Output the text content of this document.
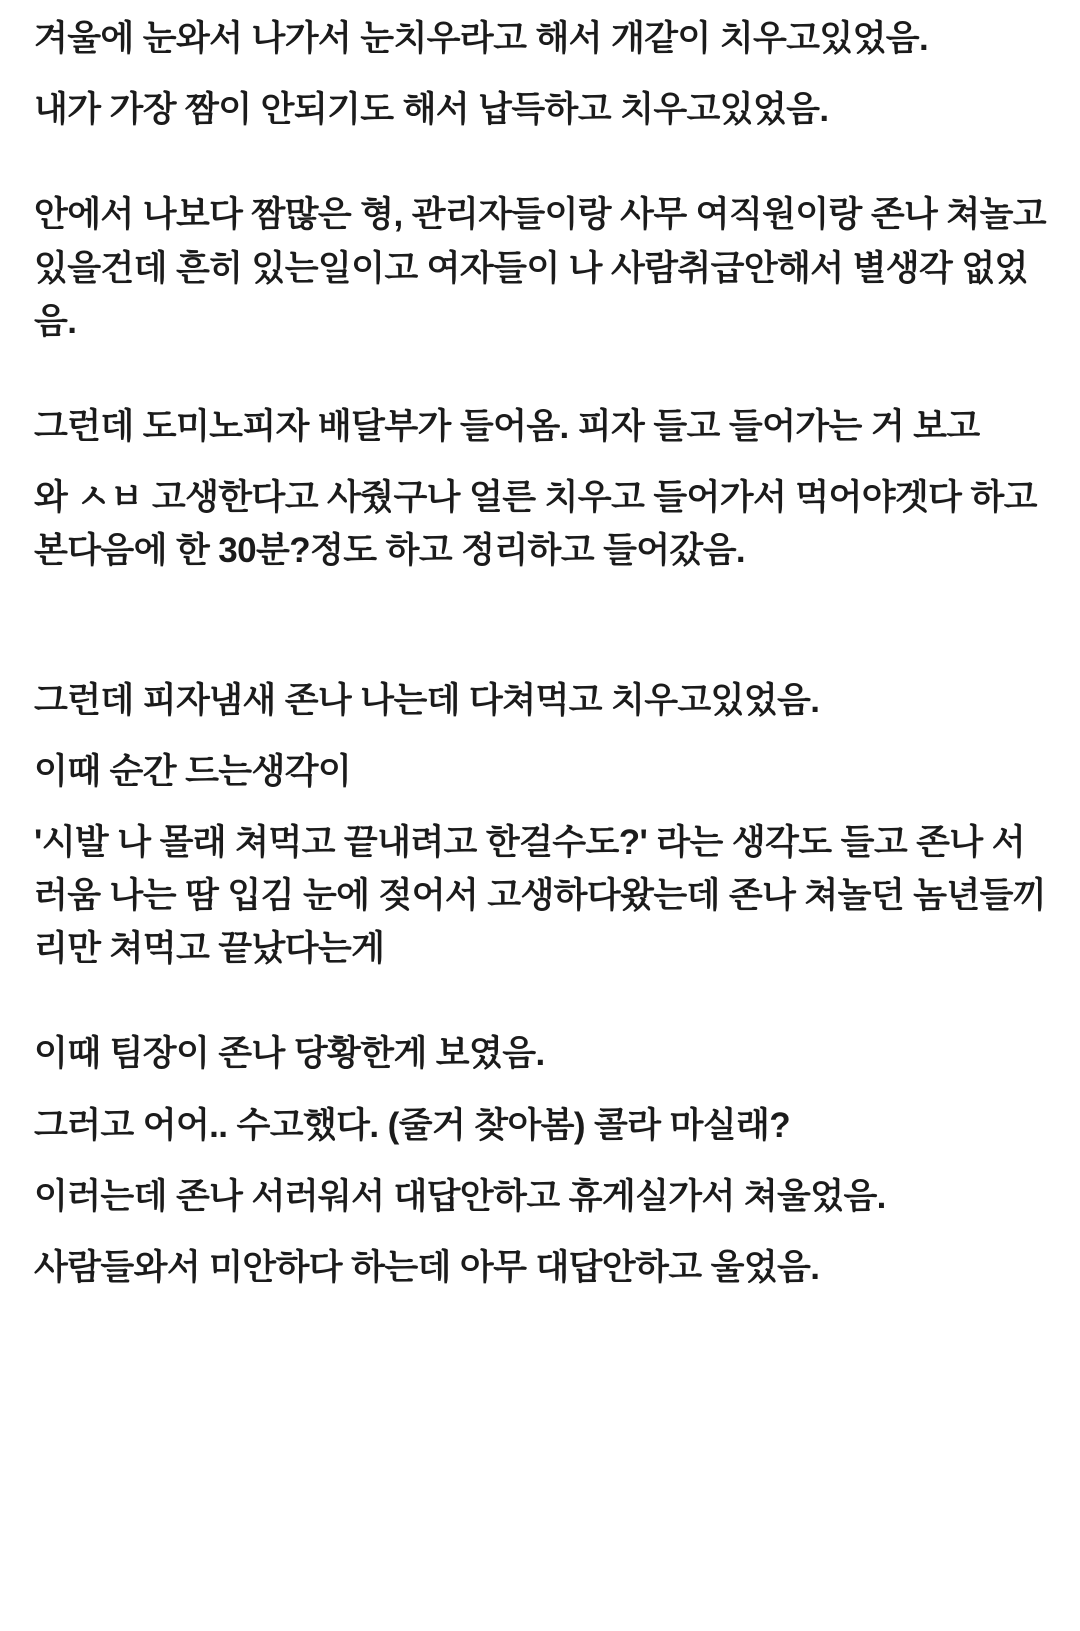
겨울에 눈와서 나가서 눈치우라고 해서 개같이 치우고있었음.

내가 가장 짬이 안되기도 해서 납득하고 치우고있었음.

안에서 나보다 짬많은 형, 관리자들이랑 사무 여직원이랑 존나 쳐놀고있을건데 흔히 있는일이고 여자들이 나 사람취급안해서 별생각 없었음.

그런데 도미노피자 배달부가 들어옴. 피자 들고 들어가는 거 보고

와 ㅅㅂ 고생한다고 사줬구나 얼른 치우고 들어가서 먹어야겟다 하고 본다음에 한 30분?정도 하고 정리하고 들어갔음.

그런데 피자냄새 존나 나는데 다쳐먹고 치우고있었음.

이때 순간 드는생각이

'시발 나 몰래 쳐먹고 끝내려고 한걸수도?' 라는 생각도 들고 존나 서러움 나는 땀 입김 눈에 젖어서 고생하다왔는데 존나 쳐놀던 놈년들끼리만 쳐먹고 끝났다는게

이때 팀장이 존나 당황한게 보였음.

그러고 어어.. 수고했다. (줄거 찾아봄) 콜라 마실래?

이러는데 존나 서러워서 대답안하고 휴게실가서 쳐울었음.

사람들와서 미안하다 하는데 아무 대답안하고 울었음.
